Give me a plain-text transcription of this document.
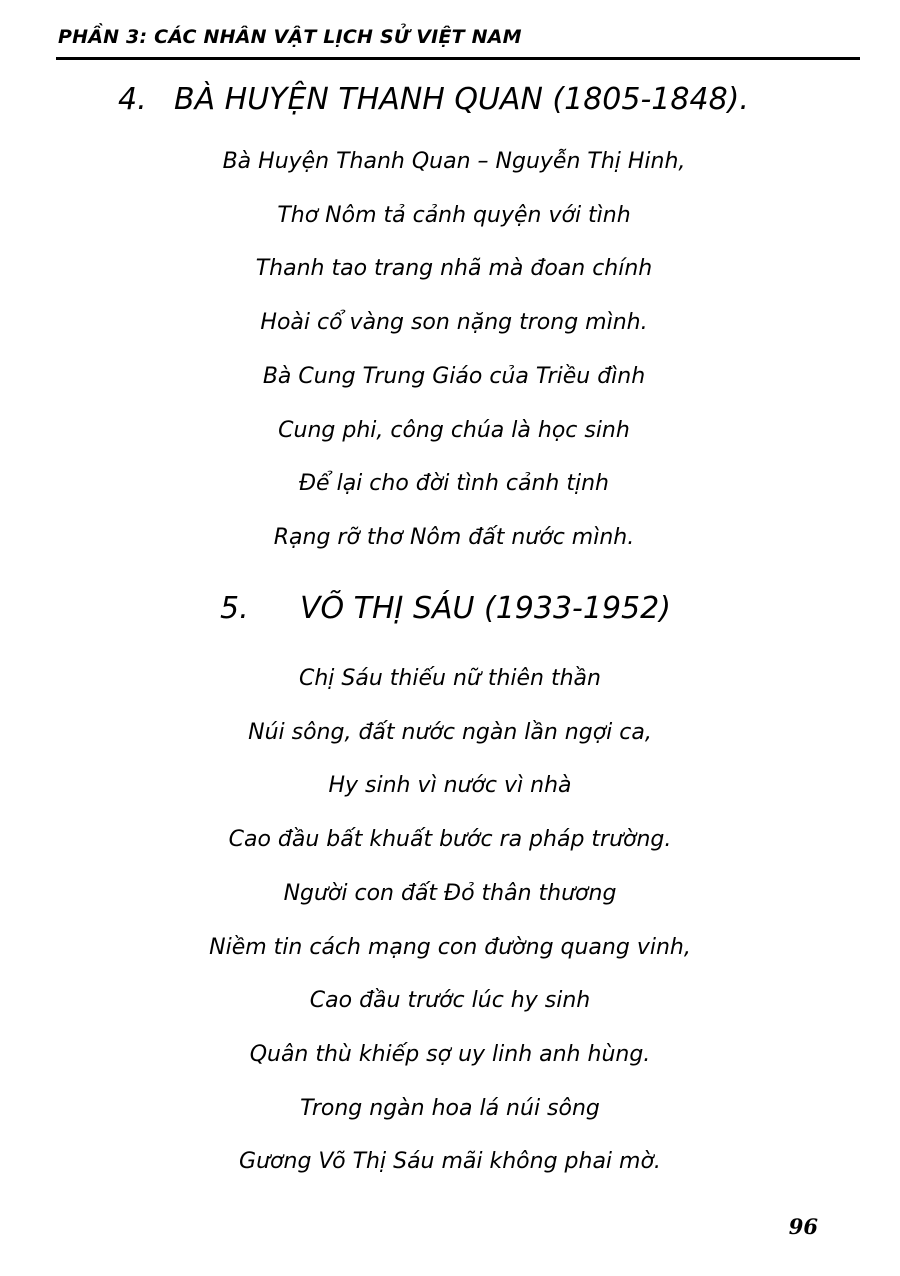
PHẦN 3: CÁC NHÂN VẬT LỊCH SỬ VIỆT NAM
4. BÀ HUYỆN THANH QUAN (1805-1848).
Bà Huyện Thanh Quan – Nguyễn Thị Hinh,
Thơ Nôm tả cảnh quyện với tình
Thanh tao trang nhã mà đoan chính
Hoài cổ vàng son nặng trong mình.
Bà Cung Trung Giáo của Triều đình
Cung phi, công chúa là học sinh
Để lại cho đời tình cảnh tịnh
Rạng rỡ thơ Nôm đất nước mình.
5. VÕ THỊ SÁU (1933-1952)
Chị Sáu thiếu nữ thiên thần
Núi sông, đất nước ngàn lần ngợi ca,
Hy sinh vì nước vì nhà
Cao đầu bất khuất bước ra pháp trường.
Người con đất Đỏ thân thương
Niềm tin cách mạng con đường quang vinh,
Cao đầu trước lúc hy sinh
Quân thù khiếp sợ uy linh anh hùng.
Trong ngàn hoa lá núi sông
Gương Võ Thị Sáu mãi không phai mờ.
96
